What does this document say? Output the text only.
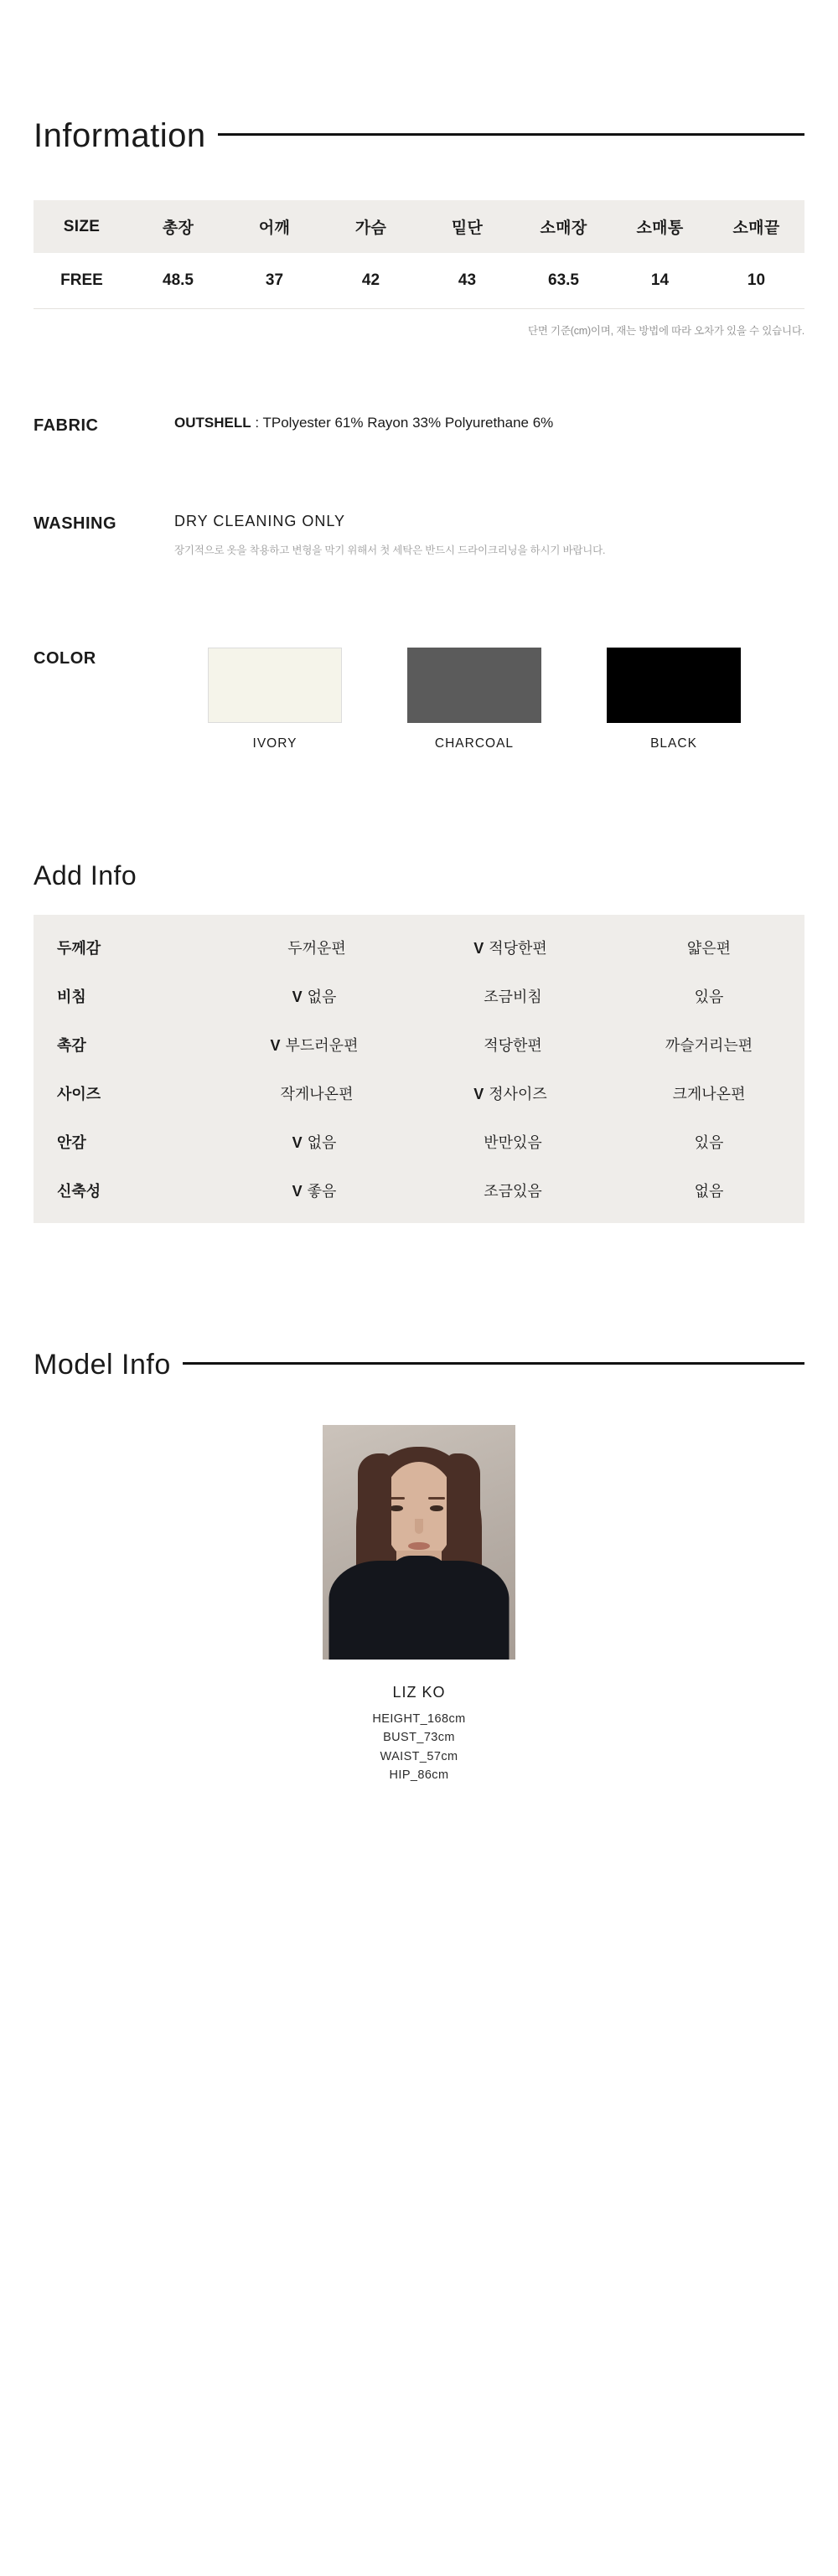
Information
SIZE	총장	어깨	가슴	밑단	소매장	소매통	소매끝
FREE	48.5	37	42	43	63.5	14	10
단면 기준(cm)이며, 재는 방법에 따라 오차가 있을 수 있습니다.
FABRIC	OUTSHELL : TPolyester 61% Rayon 33% Polyurethane 6%
WASHING	DRY CLEANING ONLY
장기적으로 옷을 착용하고 변형을 막기 위해서 첫 세탁은 반드시 드라이크리닝을 하시기 바랍니다.
COLOR
IVORY	CHARCOAL	BLACK
Add Info
두께감	두꺼운편	V 적당한편	얇은편
비침	V 없음	조금비침	있음
촉감	V 부드러운편	적당한편	까슬거리는편
사이즈	작게나온편	V 정사이즈	크게나온편
안감	V 없음	반만있음	있음
신축성	V 좋음	조금있음	없음
Model Info
LIZ KO
HEIGHT_168cm
BUST_73cm
WAIST_57cm
HIP_86cm
